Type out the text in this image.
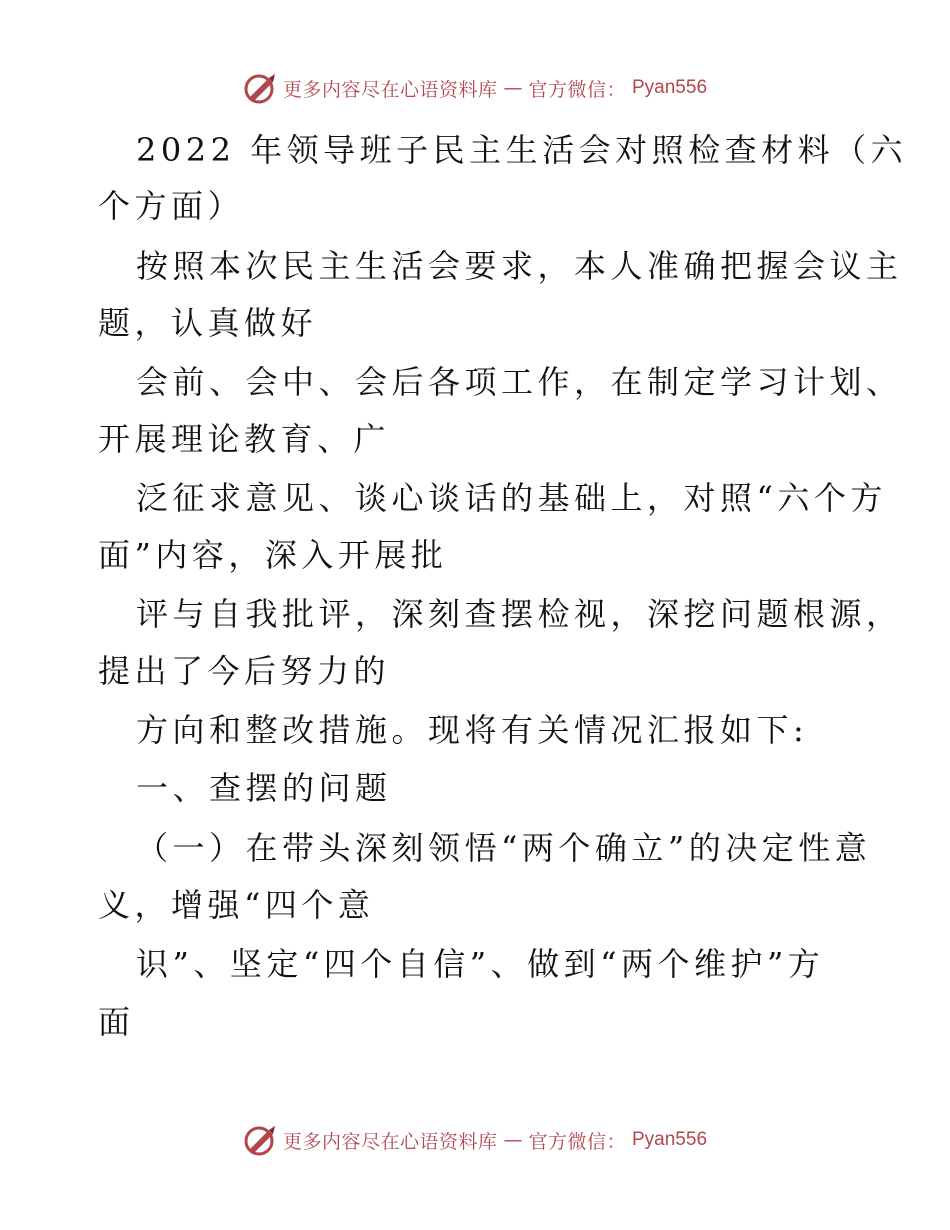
更多内容尽在心语资料库 — 官方微信： Pyan556
2022 年领导班子民主生活会对照检查材料（六
个方面）
按照本次民主生活会要求，本人准确把握会议主
题，认真做好
会前、会中、会后各项工作，在制定学习计划、
开展理论教育、广
泛征求意见、谈心谈话的基础上，对照“六个方
面”内容，深入开展批
评与自我批评，深刻查摆检视，深挖问题根源，
提出了今后努力的
方向和整改措施。现将有关情况汇报如下:
一、查摆的问题
（一）在带头深刻领悟“两个确立”的决定性意
义，增强“四个意
识”、坚定“四个自信”、做到“两个维护”方
面
更多内容尽在心语资料库 — 官方微信： Pyan556
